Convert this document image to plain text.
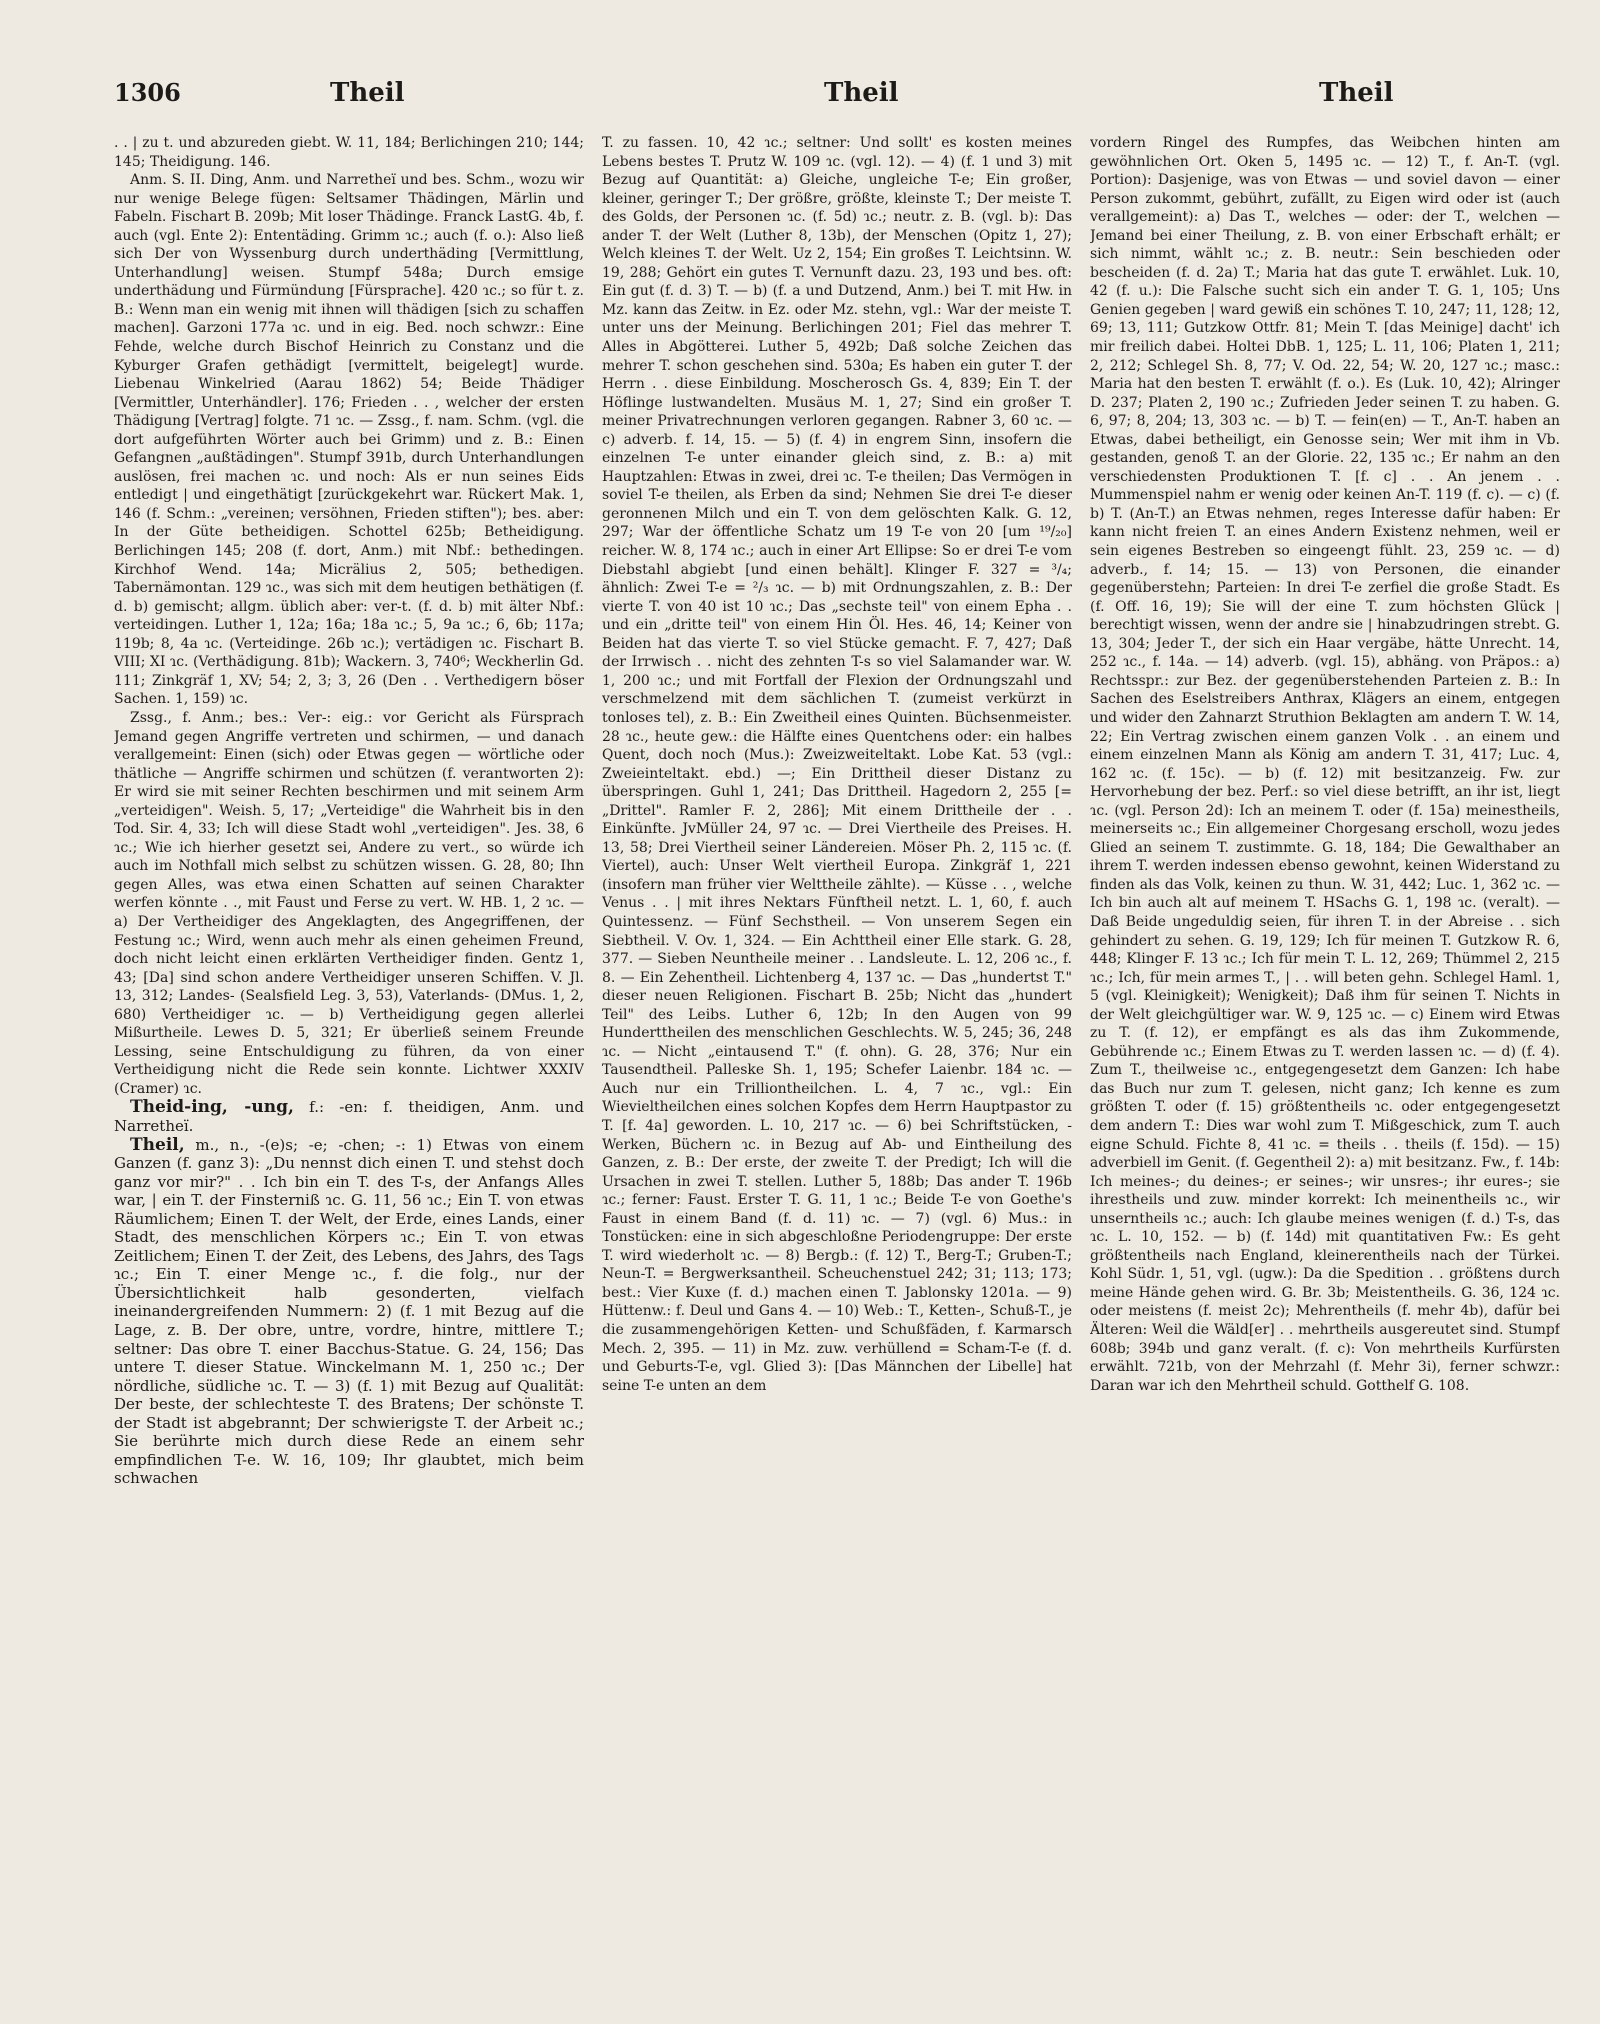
1306	Theil	Theil	Theil

. . | zu t. und abzureden giebt. W. 11, 184; Berlichingen 210; 144; 145; Theidigung. 146.

Anm. S. II. Ding, Anm. und Narretheï und bes. Schm., wozu wir nur wenige Belege fügen: Seltsamer Thädingen, Märlin und Fabeln. Fischart B. 209b; Mit loser Thädinge. Franck LastG. 4b, f. auch (vgl. Ente 2): Ententäding. Grimm ɿc.; auch (f. o.): Also ließ sich Der von Wyssenburg durch underthäding [Vermittlung, Unterhandlung] weisen. Stumpf 548a; Durch emsige underthädung und Fürmündung [Fürsprache]. 420 ɿc.; so für t. z. B.: Wenn man ein wenig mit ihnen will thädigen [sich zu schaffen machen]. Garzoni 177a ɿc. und in eig. Bed. noch schwzr.: Eine Fehde, welche durch Bischof Heinrich zu Constanz und die Kyburger Grafen gethädigt [vermittelt, beigelegt] wurde. Liebenau Winkelried (Aarau 1862) 54; Beide Thädiger [Vermittler, Unterhändler]. 176; Frieden . . , welcher der ersten Thädigung [Vertrag] folgte. 71 ɿc. — Zssg., f. nam. Schm. (vgl. die dort aufgeführten Wörter auch bei Grimm) und z. B.: Einen Gefangnen „außtädingen". Stumpf 391b, durch Unterhandlungen auslösen, frei machen ɿc. und noch: Als er nun seines Eids entledigt | und eingethätigt [zurückgekehrt war. Rückert Mak. 1, 146 (f. Schm.: „vereinen; versöhnen, Frieden stiften"); bes. aber: In der Güte betheidigen. Schottel 625b; Betheidigung. Berlichingen 145; 208 (f. dort, Anm.) mit Nbf.: bethedingen. Kirchhof Wend. 14a; Micrälius 2, 505; bethedigen. Tabernämontan. 129 ɿc., was sich mit dem heutigen bethätigen (f. d. b) gemischt; allgm. üblich aber: ver-t. (f. d. b) mit älter Nbf.: verteidingen. Luther 1, 12a; 16a; 18a ɿc.; 5, 9a ɿc.; 6, 6b; 117a; 119b; 8, 4a ɿc. (Verteidinge. 26b ɿc.); vertädigen ɿc. Fischart B. VIII; XI ɿc. (Verthädigung. 81b); Wackern. 3, 740⁶; Weckherlin Gd. 111; Zinkgräf 1, XV; 54; 2, 3; 3, 26 (Den . . Verthedigern böser Sachen. 1, 159) ɿc.

Zssg., f. Anm.; bes.: Ver-: eig.: vor Gericht als Fürsprach Jemand gegen Angriffe vertreten und schirmen, — und danach verallgemeint: Einen (sich) oder Etwas gegen — wörtliche oder thätliche — Angriffe schirmen und schützen (f. verantworten 2): Er wird sie mit seiner Rechten beschirmen und mit seinem Arm „verteidigen". Weish. 5, 17; „Verteidige" die Wahrheit bis in den Tod. Sir. 4, 33; Ich will diese Stadt wohl „verteidigen". Jes. 38, 6 ɿc.; Wie ich hierher gesetzt sei, Andere zu vert., so würde ich auch im Nothfall mich selbst zu schützen wissen. G. 28, 80; Ihn gegen Alles, was etwa einen Schatten auf seinen Charakter werfen könnte . ., mit Faust und Ferse zu vert. W. HB. 1, 2 ɿc. — a) Der Vertheidiger des Angeklagten, des Angegriffenen, der Festung ɿc.; Wird, wenn auch mehr als einen geheimen Freund, doch nicht leicht einen erklärten Vertheidiger finden. Gentz 1, 43; [Da] sind schon andere Vertheidiger unseren Schiffen. V. Jl. 13, 312; Landes- (Sealsfield Leg. 3, 53), Vaterlands- (DMus. 1, 2, 680) Vertheidiger ɿc. — b) Vertheidigung gegen allerlei Mißurtheile. Lewes D. 5, 321; Er überließ seinem Freunde Lessing, seine Entschuldigung zu führen, da von einer Vertheidigung nicht die Rede sein konnte. Lichtwer XXXIV (Cramer) ɿc.

Theid-ing, -ung, f.: -en: f. theidigen, Anm. und Narretheï.

Theil, m., n., -(e)s; -e; -chen; -: 1) Etwas von einem Ganzen (f. ganz 3): „Du nennst dich einen T. und stehst doch ganz vor mir?" . . Ich bin ein T. des T-s, der Anfangs Alles war, | ein T. der Finsterniß ɿc. G. 11, 56 ɿc.; Ein T. von etwas Räumlichem; Einen T. der Welt, der Erde, eines Lands, einer Stadt, des menschlichen Körpers ɿc.; Ein T. von etwas Zeitlichem; Einen T. der Zeit, des Lebens, des Jahrs, des Tags ɿc.; Ein T. einer Menge ɿc., f. die folg., nur der Übersichtlichkeit halb gesonderten, vielfach ineinandergreifenden Nummern: 2) (f. 1 mit Bezug auf die Lage, z. B. Der obre, untre, vordre, hintre, mittlere T.; seltner: Das obre T. einer Bacchus-Statue. G. 24, 156; Das untere T. dieser Statue. Winckelmann M. 1, 250 ɿc.; Der nördliche, südliche ɿc. T. — 3) (f. 1) mit Bezug auf Qualität: Der beste, der schlechteste T. des Bratens; Der schönste T. der Stadt ist abgebrannt; Der schwierigste T. der Arbeit ɿc.; Sie berührte mich durch diese Rede an einem sehr empfindlichen T-e. W. 16, 109; Ihr glaubtet, mich beim schwachen

T. zu fassen. 10, 42 ɿc.; seltner: Und sollt' es kosten meines Lebens bestes T. Prutz W. 109 ɿc. (vgl. 12). — 4) (f. 1 und 3) mit Bezug auf Quantität: a) Gleiche, ungleiche T-e; Ein großer, kleiner, geringer T.; Der größre, größte, kleinste T.; Der meiste T. des Golds, der Personen ɿc. (f. 5d) ɿc.; neutr. z. B. (vgl. b): Das ander T. der Welt (Luther 8, 13b), der Menschen (Opitz 1, 27); Welch kleines T. der Welt. Uz 2, 154; Ein großes T. Leichtsinn. W. 19, 288; Gehört ein gutes T. Vernunft dazu. 23, 193 und bes. oft: Ein gut (f. d. 3) T. — b) (f. a und Dutzend, Anm.) bei T. mit Hw. in Mz. kann das Zeitw. in Ez. oder Mz. stehn, vgl.: War der meiste T. unter uns der Meinung. Berlichingen 201; Fiel das mehrer T. Alles in Abgötterei. Luther 5, 492b; Daß solche Zeichen das mehrer T. schon geschehen sind. 530a; Es haben ein guter T. der Herrn . . diese Einbildung. Moscherosch Gs. 4, 839; Ein T. der Höflinge lustwandelten. Musäus M. 1, 27; Sind ein großer T. meiner Privatrechnungen verloren gegangen. Rabner 3, 60 ɿc. — c) adverb. f. 14, 15. — 5) (f. 4) in engrem Sinn, insofern die einzelnen T-e unter einander gleich sind, z. B.: a) mit Hauptzahlen: Etwas in zwei, drei ɿc. T-e theilen; Das Vermögen in soviel T-e theilen, als Erben da sind; Nehmen Sie drei T-e dieser geronnenen Milch und ein T. von dem gelöschten Kalk. G. 12, 297; War der öffentliche Schatz um 19 T-e von 20 [um ¹⁹/₂₀] reicher. W. 8, 174 ɿc.; auch in einer Art Ellipse: So er drei T-e vom Diebstahl abgiebt [und einen behält]. Klinger F. 327 = ³/₄; ähnlich: Zwei T-e = ²/₃ ɿc. — b) mit Ordnungszahlen, z. B.: Der vierte T. von 40 ist 10 ɿc.; Das „sechste teil" von einem Epha . . und ein „dritte teil" von einem Hin Öl. Hes. 46, 14; Keiner von Beiden hat das vierte T. so viel Stücke gemacht. F. 7, 427; Daß der Irrwisch . . nicht des zehnten T-s so viel Salamander war. W. 1, 200 ɿc.; und mit Fortfall der Flexion der Ordnungszahl und verschmelzend mit dem sächlichen T. (zumeist verkürzt in tonloses tel), z. B.: Ein Zweitheil eines Quinten. Büchsenmeister. 28 ɿc., heute gew.: die Hälfte eines Quentchens oder: ein halbes Quent, doch noch (Mus.): Zweizweiteltakt. Lobe Kat. 53 (vgl.: Zweieinteltakt. ebd.) —; Ein Drittheil dieser Distanz zu überspringen. Guhl 1, 241; Das Drittheil. Hagedorn 2, 255 [= „Drittel". Ramler F. 2, 286]; Mit einem Drittheile der . . Einkünfte. JvMüller 24, 97 ɿc. — Drei Viertheile des Preises. H. 13, 58; Drei Viertheil seiner Ländereien. Möser Ph. 2, 115 ɿc. (f. Viertel), auch: Unser Welt viertheil Europa. Zinkgräf 1, 221 (insofern man früher vier Welttheile zählte). — Küsse . . , welche Venus . . | mit ihres Nektars Fünftheil netzt. L. 1, 60, f. auch Quintessenz. — Fünf Sechstheil. — Von unserem Segen ein Siebtheil. V. Ov. 1, 324. — Ein Achttheil einer Elle stark. G. 28, 377. — Sieben Neuntheile meiner . . Landsleute. L. 12, 206 ɿc., f. 8. — Ein Zehentheil. Lichtenberg 4, 137 ɿc. — Das „hundertst T." dieser neuen Religionen. Fischart B. 25b; Nicht das „hundert Teil" des Leibs. Luther 6, 12b; In den Augen von 99 Hunderttheilen des menschlichen Geschlechts. W. 5, 245; 36, 248 ɿc. — Nicht „eintausend T." (f. ohn). G. 28, 376; Nur ein Tausendtheil. Palleske Sh. 1, 195; Schefer Laienbr. 184 ɿc. — Auch nur ein Trilliontheilchen. L. 4, 7 ɿc., vgl.: Ein Wievieltheilchen eines solchen Kopfes dem Herrn Hauptpastor zu T. [f. 4a] geworden. L. 10, 217 ɿc. — 6) bei Schriftstücken, -Werken, Büchern ɿc. in Bezug auf Ab- und Eintheilung des Ganzen, z. B.: Der erste, der zweite T. der Predigt; Ich will die Ursachen in zwei T. stellen. Luther 5, 188b; Das ander T. 196b ɿc.; ferner: Faust. Erster T. G. 11, 1 ɿc.; Beide T-e von Goethe's Faust in einem Band (f. d. 11) ɿc. — 7) (vgl. 6) Mus.: in Tonstücken: eine in sich abgeschloßne Periodengruppe: Der erste T. wird wiederholt ɿc. — 8) Bergb.: (f. 12) T., Berg-T.; Gruben-T.; Neun-T. = Bergwerksantheil. Scheuchenstuel 242; 31; 113; 173; best.: Vier Kuxe (f. d.) machen einen T. Jablonsky 1201a. — 9) Hüttenw.: f. Deul und Gans 4. — 10) Web.: T., Ketten-, Schuß-T., je die zusammengehörigen Ketten- und Schußfäden, f. Karmarsch Mech. 2, 395. — 11) in Mz. zuw. verhüllend = Scham-T-e (f. d. und Geburts-T-e, vgl. Glied 3): [Das Männchen der Libelle] hat seine T-e unten an dem

vordern Ringel des Rumpfes, das Weibchen hinten am gewöhnlichen Ort. Oken 5, 1495 ɿc. — 12) T., f. An-T. (vgl. Portion): Dasjenige, was von Etwas — und soviel davon — einer Person zukommt, gebührt, zufällt, zu Eigen wird oder ist (auch verallgemeint): a) Das T., welches — oder: der T., welchen — Jemand bei einer Theilung, z. B. von einer Erbschaft erhält; er sich nimmt, wählt ɿc.; z. B. neutr.: Sein beschieden oder bescheiden (f. d. 2a) T.; Maria hat das gute T. erwählet. Luk. 10, 42 (f. u.): Die Falsche sucht sich ein ander T. G. 1, 105; Uns Genien gegeben | ward gewiß ein schönes T. 10, 247; 11, 128; 12, 69; 13, 111; Gutzkow Ottfr. 81; Mein T. [das Meinige] dacht' ich mir freilich dabei. Holtei DbB. 1, 125; L. 11, 106; Platen 1, 211; 2, 212; Schlegel Sh. 8, 77; V. Od. 22, 54; W. 20, 127 ɿc.; masc.: Maria hat den besten T. erwählt (f. o.). Es (Luk. 10, 42); Alringer D. 237; Platen 2, 190 ɿc.; Zufrieden Jeder seinen T. zu haben. G. 6, 97; 8, 204; 13, 303 ɿc. — b) T. — fein(en) — T., An-T. haben an Etwas, dabei betheiligt, ein Genosse sein; Wer mit ihm in Vb. gestanden, genoß T. an der Glorie. 22, 135 ɿc.; Er nahm an den verschiedensten Produktionen T. [f. c] . . An jenem . . Mummenspiel nahm er wenig oder keinen An-T. 119 (f. c). — c) (f. b) T. (An-T.) an Etwas nehmen, reges Interesse dafür haben: Er kann nicht freien T. an eines Andern Existenz nehmen, weil er sein eigenes Bestreben so eingeengt fühlt. 23, 259 ɿc. — d) adverb., f. 14; 15. — 13) von Personen, die einander gegenüberstehn; Parteien: In drei T-e zerfiel die große Stadt. Es (f. Off. 16, 19); Sie will der eine T. zum höchsten Glück | berechtigt wissen, wenn der andre sie | hinabzudringen strebt. G. 13, 304; Jeder T., der sich ein Haar vergäbe, hätte Unrecht. 14, 252 ɿc., f. 14a. — 14) adverb. (vgl. 15), abhäng. von Präpos.: a) Rechtsspr.: zur Bez. der gegenüberstehenden Parteien z. B.: In Sachen des Eselstreibers Anthrax, Klägers an einem, entgegen und wider den Zahnarzt Struthion Beklagten am andern T. W. 14, 22; Ein Vertrag zwischen einem ganzen Volk . . an einem und einem einzelnen Mann als König am andern T. 31, 417; Luc. 4, 162 ɿc. (f. 15c). — b) (f. 12) mit besitzanzeig. Fw. zur Hervorhebung der bez. Perf.: so viel diese betrifft, an ihr ist, liegt ɿc. (vgl. Person 2d): Ich an meinem T. oder (f. 15a) meinestheils, meinerseits ɿc.; Ein allgemeiner Chorgesang erscholl, wozu jedes Glied an seinem T. zustimmte. G. 18, 184; Die Gewalthaber an ihrem T. werden indessen ebenso gewohnt, keinen Widerstand zu finden als das Volk, keinen zu thun. W. 31, 442; Luc. 1, 362 ɿc. — Ich bin auch alt auf meinem T. HSachs G. 1, 198 ɿc. (veralt). — Daß Beide ungeduldig seien, für ihren T. in der Abreise . . sich gehindert zu sehen. G. 19, 129; Ich für meinen T. Gutzkow R. 6, 448; Klinger F. 13 ɿc.; Ich für mein T. L. 12, 269; Thümmel 2, 215 ɿc.; Ich, für mein armes T., | . . will beten gehn. Schlegel Haml. 1, 5 (vgl. Kleinigkeit); Wenigkeit); Daß ihm für seinen T. Nichts in der Welt gleichgültiger war. W. 9, 125 ɿc. — c) Einem wird Etwas zu T. (f. 12), er empfängt es als das ihm Zukommende, Gebührende ɿc.; Einem Etwas zu T. werden lassen ɿc. — d) (f. 4). Zum T., theilweise ɿc., entgegengesetzt dem Ganzen: Ich habe das Buch nur zum T. gelesen, nicht ganz; Ich kenne es zum größten T. oder (f. 15) größtentheils ɿc. oder entgegengesetzt dem andern T.: Dies war wohl zum T. Mißgeschick, zum T. auch eigne Schuld. Fichte 8, 41 ɿc. = theils . . theils (f. 15d). — 15) adverbiell im Genit. (f. Gegentheil 2): a) mit besitzanz. Fw., f. 14b: Ich meines-; du deines-; er seines-; wir unsres-; ihr eures-; sie ihrestheils und zuw. minder korrekt: Ich meinentheils ɿc., wir unserntheils ɿc.; auch: Ich glaube meines wenigen (f. d.) T-s, das ɿc. L. 10, 152. — b) (f. 14d) mit quantitativen Fw.: Es geht größtentheils nach England, kleinerentheils nach der Türkei. Kohl Südr. 1, 51, vgl. (ugw.): Da die Spedition . . größtens durch meine Hände gehen wird. G. Br. 3b; Meistentheils. G. 36, 124 ɿc. oder meistens (f. meist 2c); Mehrentheils (f. mehr 4b), dafür bei Älteren: Weil die Wäld[er] . . mehrtheils ausgereutet sind. Stumpf 608b; 394b und ganz veralt. (f. c): Von mehrtheils Kurfürsten erwählt. 721b, von der Mehrzahl (f. Mehr 3i), ferner schwzr.: Daran war ich den Mehrtheil schuld. Gotthelf G. 108.
